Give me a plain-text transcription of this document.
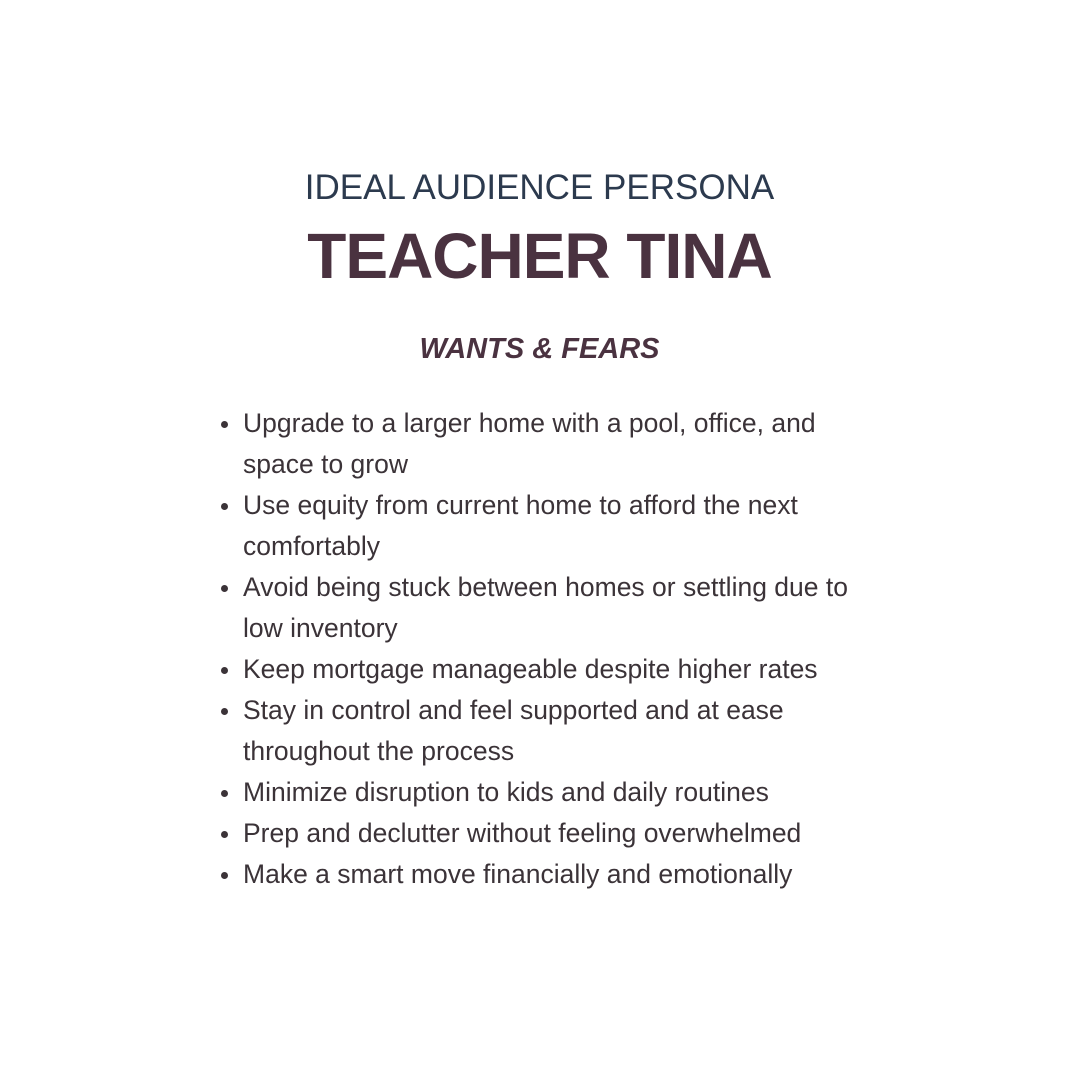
IDEAL AUDIENCE PERSONA
TEACHER TINA
WANTS & FEARS
Upgrade to a larger home with a pool, office, and space to grow
Use equity from current home to afford the next comfortably
Avoid being stuck between homes or settling due to low inventory
Keep mortgage manageable despite higher rates
Stay in control and feel supported and at ease throughout the process
Minimize disruption to kids and daily routines
Prep and declutter without feeling overwhelmed
Make a smart move financially and emotionally
